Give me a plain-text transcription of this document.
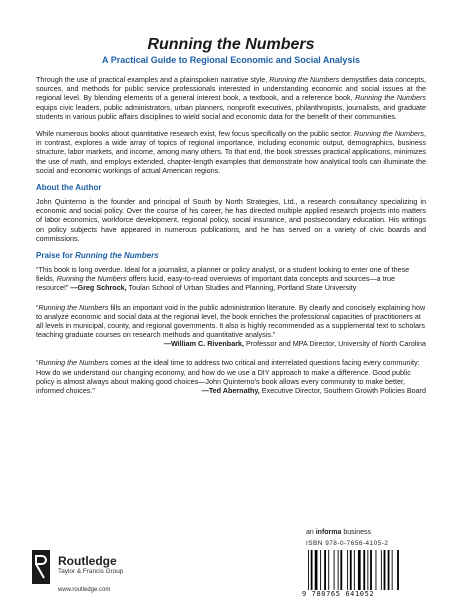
Running the Numbers
A Practical Guide to Regional Economic and Social Analysis

Through the use of practical examples and a plainspoken narrative style, Running the Numbers demystifies data concepts, sources, and methods for public service professionals interested in understanding economic and social issues at the regional level. By blending elements of a general interest book, a textbook, and a reference book, Running the Numbers equips civic leaders, public administrators, urban planners, nonprofit executives, philanthropists, journalists, and graduate students in various public affairs disciplines to wield social and economic data for the benefit of their communities.

While numerous books about quantitative research exist, few focus specifically on the public sector. Running the Numbers, in contrast, explores a wide array of topics of regional importance, including economic output, demographics, business structure, labor markets, and income, among many others. To that end, the book stresses practical applications, minimizes the use of math, and employs extended, chapter-length examples that demonstrate how analytical tools can illuminate the social and economic workings of actual American regions.

About the Author

John Quinterno is the founder and principal of South by North Strategies, Ltd., a research consultancy specializing in economic and social policy. Over the course of his career, he has directed multiple applied research projects into matters of labor economics, workforce development, regional policy, social insurance, and postsecondary education. His writings on policy subjects have appeared in numerous publications, and he has served on a variety of civic boards and commissions.

Praise for Running the Numbers

“This book is long overdue. Ideal for a journalist, a planner or policy analyst, or a student looking to enter one of these fields, Running the Numbers offers lucid, easy-to-read overviews of important data concepts and sources—a true resource!” —Greg Schrock, Toulan School of Urban Studies and Planning, Portland State University

“Running the Numbers fills an important void in the public administration literature. By clearly and concisely explaining how to analyze economic and social data at the regional level, the book enriches the professional capacities of practitioners at all levels in municipal, county, and regional governments. It also is highly recommended as a supplemental text to scholars teaching graduate courses on research methods and quantitative analysis.”

—William C. Rivenbark, Professor and MPA Director, University of North Carolina

“Running the Numbers comes at the ideal time to address two critical and interrelated questions facing every community: How do we understand our changing economy, and how do we use a DIY approach to make a difference. Good public policy is almost always about making good choices—John Quinterno’s book allows every community to make better, informed choices.”	—Ted Abernathy, Executive Director, Southern Growth Policies Board

Routledge
Taylor & Francis Group
www.routledge.com
an informa business
ISBN 978-0-7656-4105-2
9 780765 641052
